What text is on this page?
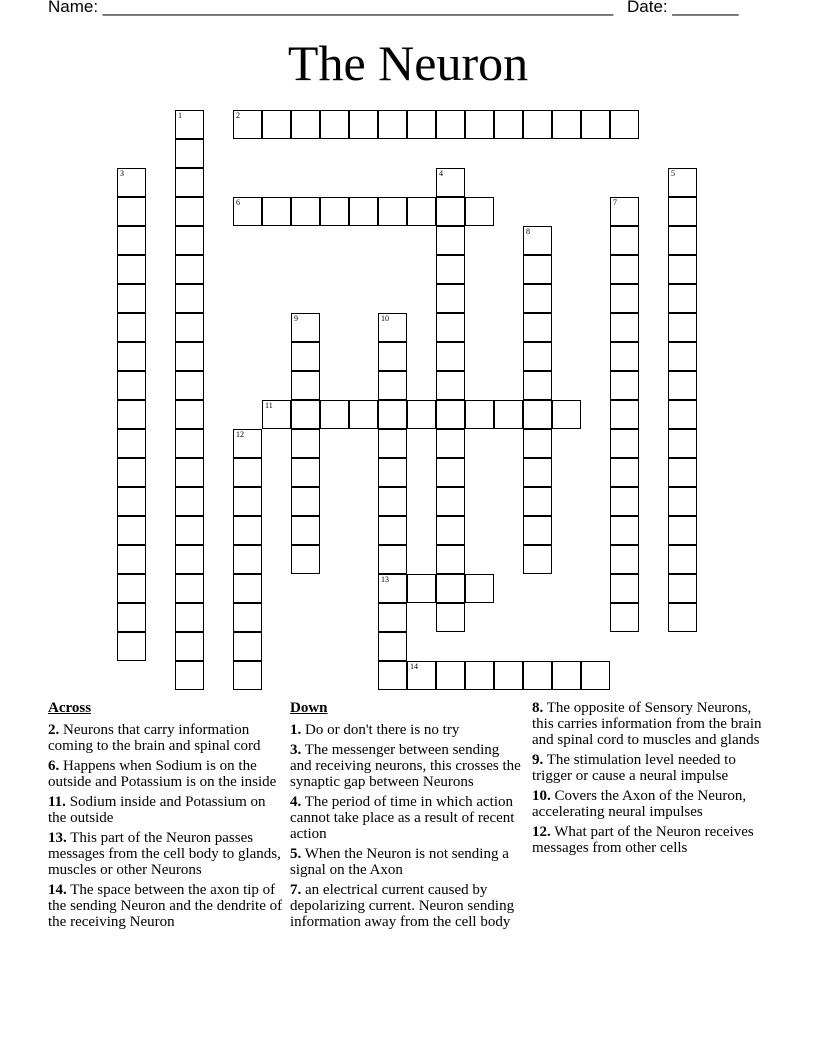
Name: ______________________________________________________ Date: _______
The Neuron
1	2
3	4	5
6	7
8
9	10
13
11
12
14
Across
2. Neurons that carry information coming to the brain and spinal cord
6. Happens when Sodium is on the outside and Potassium is on the inside
11. Sodium inside and Potassium on the outside
13. This part of the Neuron passes messages from the cell body to glands, muscles or other Neurons
14. The space between the axon tip of the sending Neuron and the dendrite of the receiving Neuron
Down
1. Do or don't there is no try
3. The messenger between sending and receiving neurons, this crosses the synaptic gap between Neurons
4. The period of time in which action cannot take place as a result of recent action
5. When the Neuron is not sending a signal on the Axon
7. an electrical current caused by depolarizing current. Neuron sending information away from the cell body
8. The opposite of Sensory Neurons, this carries information from the brain and spinal cord to muscles and glands
9. The stimulation level needed to trigger or cause a neural impulse
10. Covers the Axon of the Neuron, accelerating neural impulses
12. What part of the Neuron receives messages from other cells
